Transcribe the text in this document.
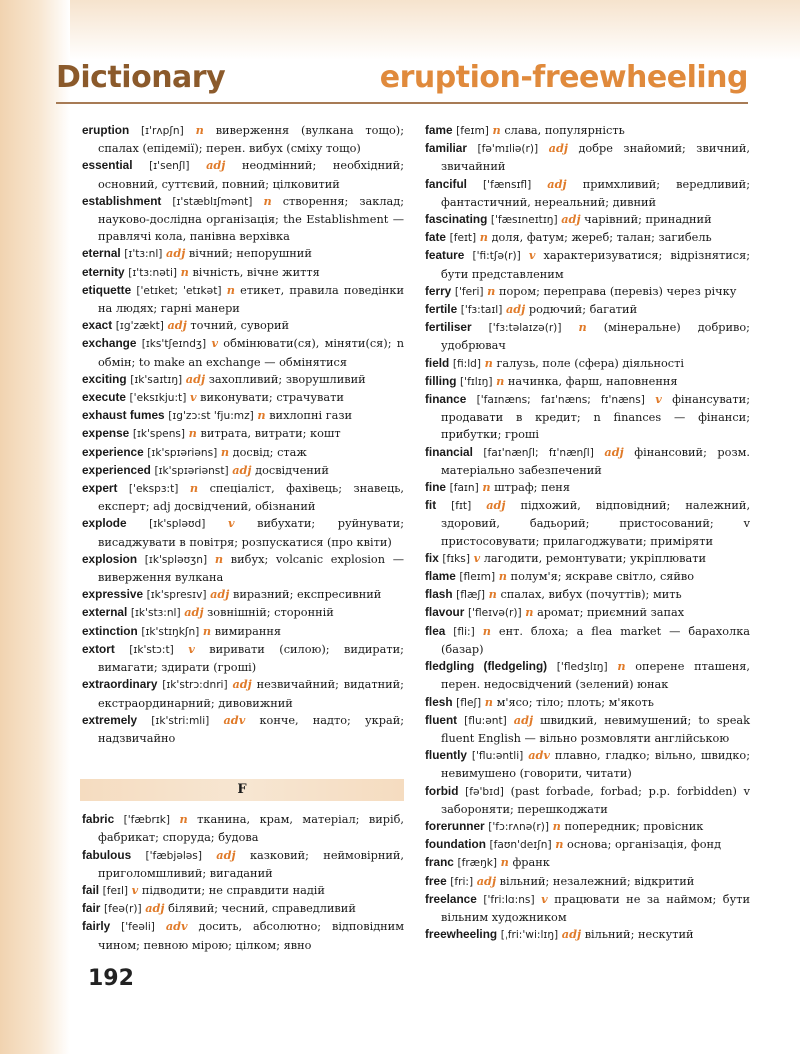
Dictionary	eruption-freewheeling

eruption [ɪ'rʌpʃn] n виверження (вулкана тощо); спалах (епідемії); перен. вибух (сміху тощо)

essential [ɪ'senʃl] adj неодмінний; необхідний; основний, суттєвий, повний; цілковитий

establishment [ɪ'stæblɪʃmənt] n створення; заклад; науково-дослідна організація; the Establishment — правлячі кола, панівна верхівка

eternal [ɪ'tɜ:nl] adj вічний; непорушний

eternity [ɪ'tɜ:nəti] n вічність, вічне життя

etiquette ['etɪket; 'etɪkət] n етикет, правила поведінки на людях; гарні манери

exact [ɪg'zækt] adj точний, суворий

exchange [ɪks'tʃeɪndʒ] v обмінювати(ся), міняти(ся); n обмін; to make an exchange — обмінятися

exciting [ɪk'saɪtɪŋ] adj захопливий; зворушливий

execute ['eksɪkju:t] v виконувати; страчувати

exhaust fumes [ɪg'zɔ:st 'fju:mz] n вихлопні гази

expense [ɪk'spens] n витрата, витрати; кошт

experience [ɪk'spɪəriəns] n досвід; стаж

experienced [ɪk'spɪəriənst] adj досвідчений

expert ['ekspɜ:t] n спеціаліст, фахівець; знавець, експерт; adj досвідчений, обізнаний

explode [ɪk'spləʊd] v вибухати; руйнувати; висаджувати в повітря; розпускатися (про квіти)

explosion [ɪk'spləʊʒn] n вибух; volcanic explosion — виверження вулкана

expressive [ɪk'spresɪv] adj виразний; експресивний

external [ɪk'stɜ:nl] adj зовнішній; сторонній

extinction [ɪk'stɪŋkʃn] n вимирання

extort [ɪk'stɔ:t] v виривати (силою); видирати; вимагати; здирати (гроші)

extraordinary [ɪk'strɔ:dnri] adj незвичайний; видатний; екстраординарний; дивовижний

extremely [ɪk'stri:mli] adv конче, надто; украй; надзвичайно

F

fabric ['fæbrɪk] n тканина, крам, матеріал; виріб, фабрикат; споруда; будова

fabulous ['fæbjələs] adj казковий; неймовірний, приголомшливий; вигаданий

fail [feɪl] v підводити; не справдити надій

fair [feə(r)] adj білявий; чесний, справедливий

fairly ['feəli] adv досить, абсолютно; відповідним чином; певною мірою; цілком; явно

fame [feɪm] n слава, популярність

familiar [fə'mɪliə(r)] adj добре знайомий; звичний, звичайний

fanciful ['fænsɪfl] adj примхливий; вередливий; фантастичний, нереальний; дивний

fascinating ['fæsɪneɪtɪŋ] adj чарівний; принадний

fate [feɪt] n доля, фатум; жереб; талан; загибель

feature ['fi:tʃə(r)] v характеризуватися; відрізнятися; бути представленим

ferry ['feri] n пором; переправа (перевіз) через річку

fertile ['fɜ:taɪl] adj родючий; багатий

fertiliser ['fɜ:təlaɪzə(r)] n (мінеральне) добриво; удобрювач

field [fi:ld] n галузь, поле (сфера) діяльності

filling ['fɪlɪŋ] n начинка, фарш, наповнення

finance ['faɪnæns; faɪ'næns; fɪ'næns] v фінансувати; продавати в кредит; n finances — фінанси; прибутки; гроші

financial [faɪ'nænʃl; fɪ'nænʃl] adj фінансовий; розм. матеріально забезпечений

fine [faɪn] n штраф; пеня

fit [fɪt] adj підхожий, відповідний; належний, здоровий, бадьорий; пристосований; v пристосовувати; прилагоджувати; приміряти

fix [fɪks] v лагодити, ремонтувати; укріплювати

flame [fleɪm] n полум'я; яскраве світло, сяйво

flash [flæʃ] n спалах, вибух (почуттів); мить

flavour ['fleɪvə(r)] n аромат; приємний запах

flea [fli:] n ент. блоха; a flea market — барахолка (базар)

fledgling (fledgeling) ['fledʒlɪŋ] n оперене пташеня, перен. недосвідчений (зелений) юнак

flesh [fleʃ] n м'ясо; тіло; плоть; м'якоть

fluent [flu:ənt] adj швидкий, невимушений; to speak fluent English — вільно розмовляти англійською

fluently ['flu:əntli] adv плавно, гладко; вільно, швидко; невимушено (говорити, читати)

forbid [fə'bɪd] (past forbade, forbad; p.p. forbidden) v забороняти; перешкоджати

forerunner ['fɔ:rʌnə(r)] n попередник; провісник

foundation [faʊn'deɪʃn] n основа; організація, фонд

franc [fræŋk] n франк

free [fri:] adj вільний; незалежний; відкритий

freelance ['fri:lɑ:ns] v працювати не за наймом; бути вільним художником

freewheeling [ˌfri:'wi:lɪŋ] adj вільний; нескутий

192
